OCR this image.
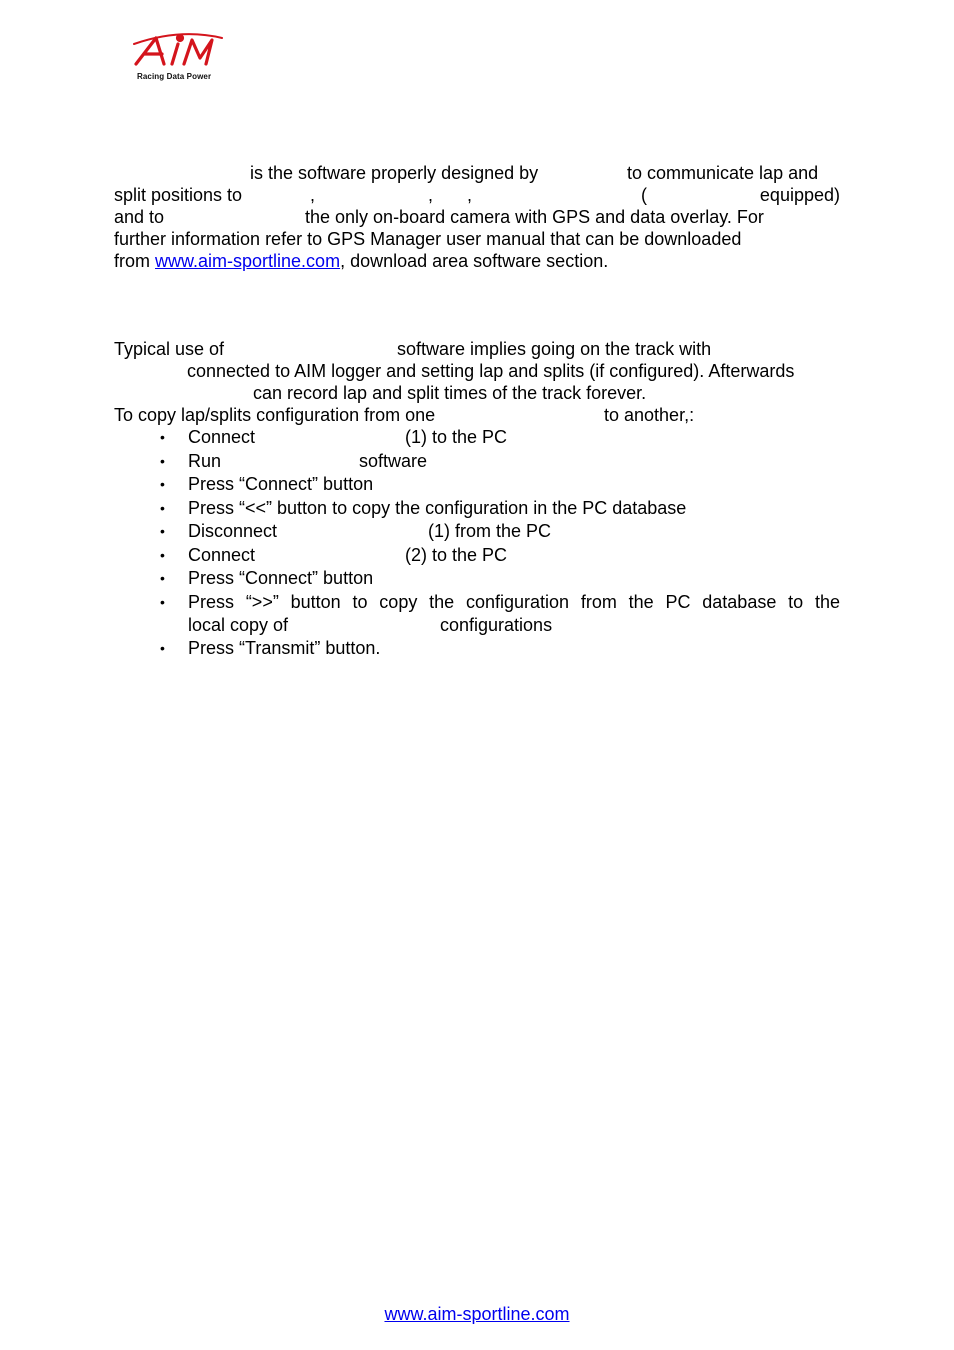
Racing Data Power
is the software properly designed by	to communicate lap and
split positions to	,	, ,	(	equipped)
and to	the only on-board camera with GPS and data overlay. For
further information refer to GPS Manager user manual that can be downloaded
from www.aim-sportline.com, download area software section.
Typical use of	software implies going on the track with
connected to AIM logger and setting lap and splits (if configured). Afterwards
can record lap and split times of the track forever.
To copy lap/splits configuration from one	to another,:
• Connect	(1) to the PC
• Run	software
• Press “Connect” button
• Press “<<” button to copy the configuration in the PC database
• Disconnect	(1) from the PC
• Connect	(2) to the PC
• Press “Connect” button
• Press “>>” button to copy the configuration from the PC database to the
local copy of	configurations
• Press “Transmit” button.
www.aim-sportline.com
